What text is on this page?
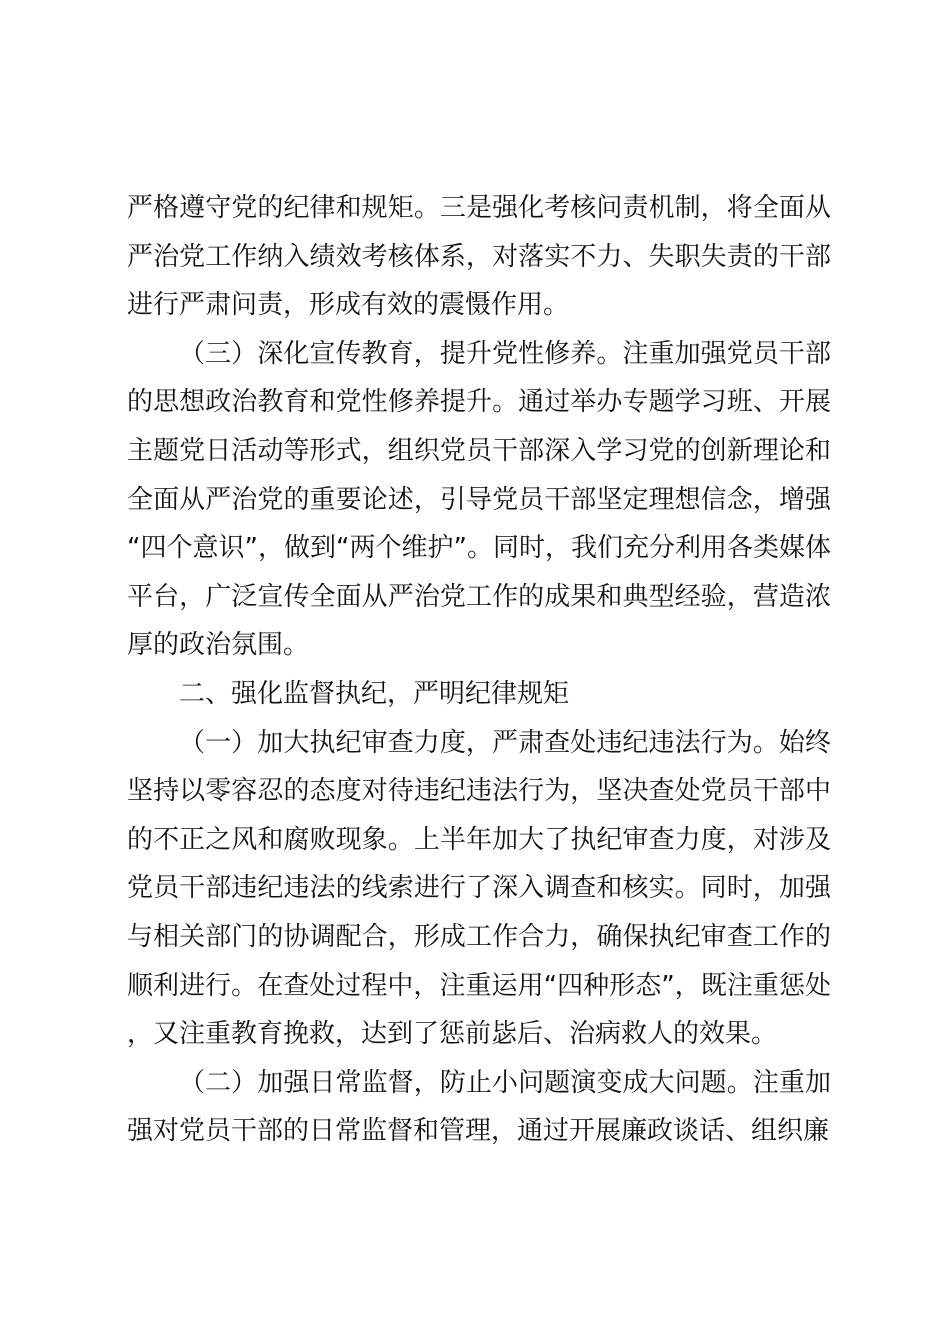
严格遵守党的纪律和规矩。三是强化考核问责机制，将全面从严治党工作纳入绩效考核体系，对落实不力、失职失责的干部进行严肃问责，形成有效的震慑作用。

（三）深化宣传教育，提升党性修养。注重加强党员干部的思想政治教育和党性修养提升。通过举办专题学习班、开展主题党日活动等形式，组织党员干部深入学习党的创新理论和全面从严治党的重要论述，引导党员干部坚定理想信念，增强“四个意识”，做到“两个维护”。同时，我们充分利用各类媒体平台，广泛宣传全面从严治党工作的成果和典型经验，营造浓厚的政治氛围。

二、强化监督执纪，严明纪律规矩

（一）加大执纪审查力度，严肃查处违纪违法行为。始终坚持以零容忍的态度对待违纪违法行为，坚决查处党员干部中的不正之风和腐败现象。上半年加大了执纪审查力度，对涉及党员干部违纪违法的线索进行了深入调查和核实。同时，加强与相关部门的协调配合，形成工作合力，确保执纪审查工作的顺利进行。在查处过程中，注重运用“四种形态”，既注重惩处，又注重教育挽救，达到了惩前毖后、治病救人的效果。

（二）加强日常监督，防止小问题演变成大问题。注重加强对党员干部的日常监督和管理，通过开展廉政谈话、组织廉
